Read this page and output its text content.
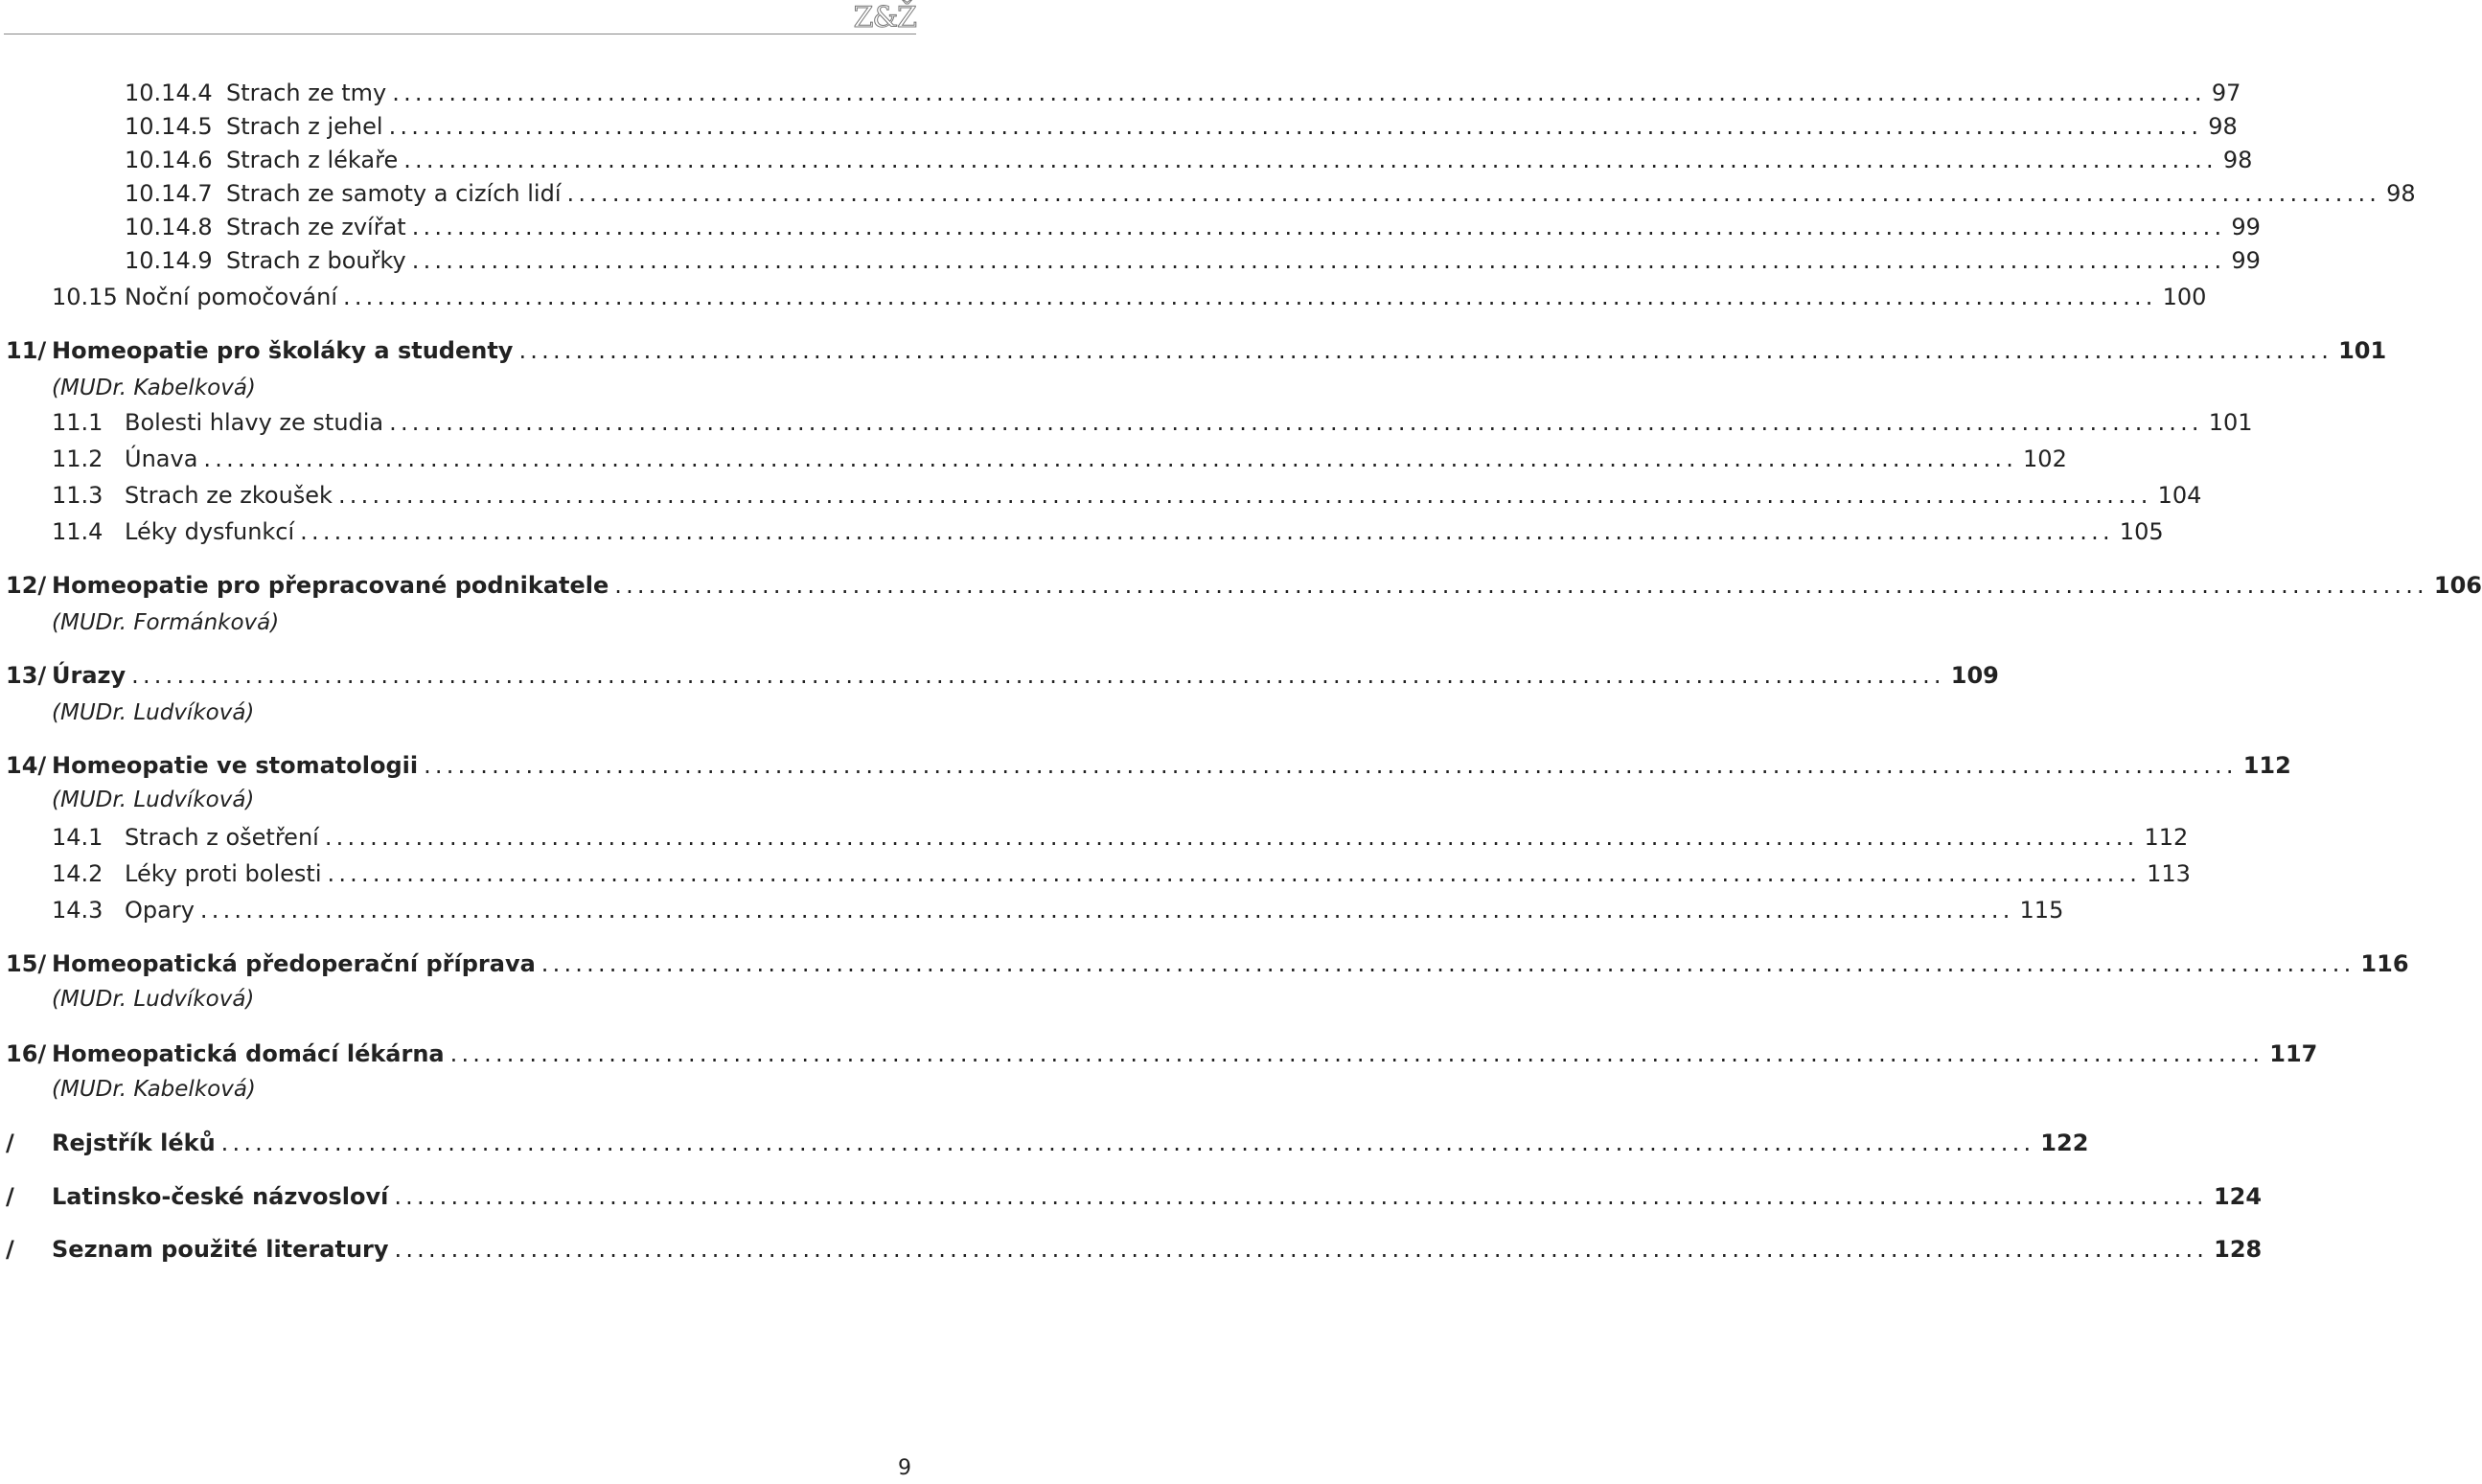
Z&Ž
10.14.4 Strach ze tmy ................................................................................................................................................................ 97
10.14.5 Strach z jehel ................................................................................................................................................................ 98
10.14.6 Strach z lékaře ................................................................................................................................................................ 98
10.14.7 Strach ze samoty a cizích lidí ................................................................................................................................................................ 98
10.14.8 Strach ze zvířat ................................................................................................................................................................ 99
10.14.9 Strach z bouřky ................................................................................................................................................................ 99
10.15 Noční pomočování ................................................................................................................................................................ 100
11/ Homeopatie pro školáky a studenty ................................................................................................................................................................ 101
(MUDr. Kabelková)
11.1 Bolesti hlavy ze studia ................................................................................................................................................................ 101
11.2 Únava ................................................................................................................................................................ 102
11.3 Strach ze zkoušek ................................................................................................................................................................ 104
11.4 Léky dysfunkcí ................................................................................................................................................................ 105
12/ Homeopatie pro přepracované podnikatele ................................................................................................................................................................ 106
(MUDr. Formánková)
13/ Úrazy ................................................................................................................................................................ 109
(MUDr. Ludvíková)
14/ Homeopatie ve stomatologii ................................................................................................................................................................ 112
(MUDr. Ludvíková)
14.1 Strach z ošetření ................................................................................................................................................................ 112
14.2 Léky proti bolesti ................................................................................................................................................................ 113
14.3 Opary ................................................................................................................................................................ 115
15/ Homeopatická předoperační příprava ................................................................................................................................................................ 116
(MUDr. Ludvíková)
16/ Homeopatická domácí lékárna ................................................................................................................................................................ 117
(MUDr. Kabelková)
/	Rejstřík léků ................................................................................................................................................................ 122
/	Latinsko-české názvosloví ................................................................................................................................................................ 124
/	Seznam použité literatury ................................................................................................................................................................ 128
9
